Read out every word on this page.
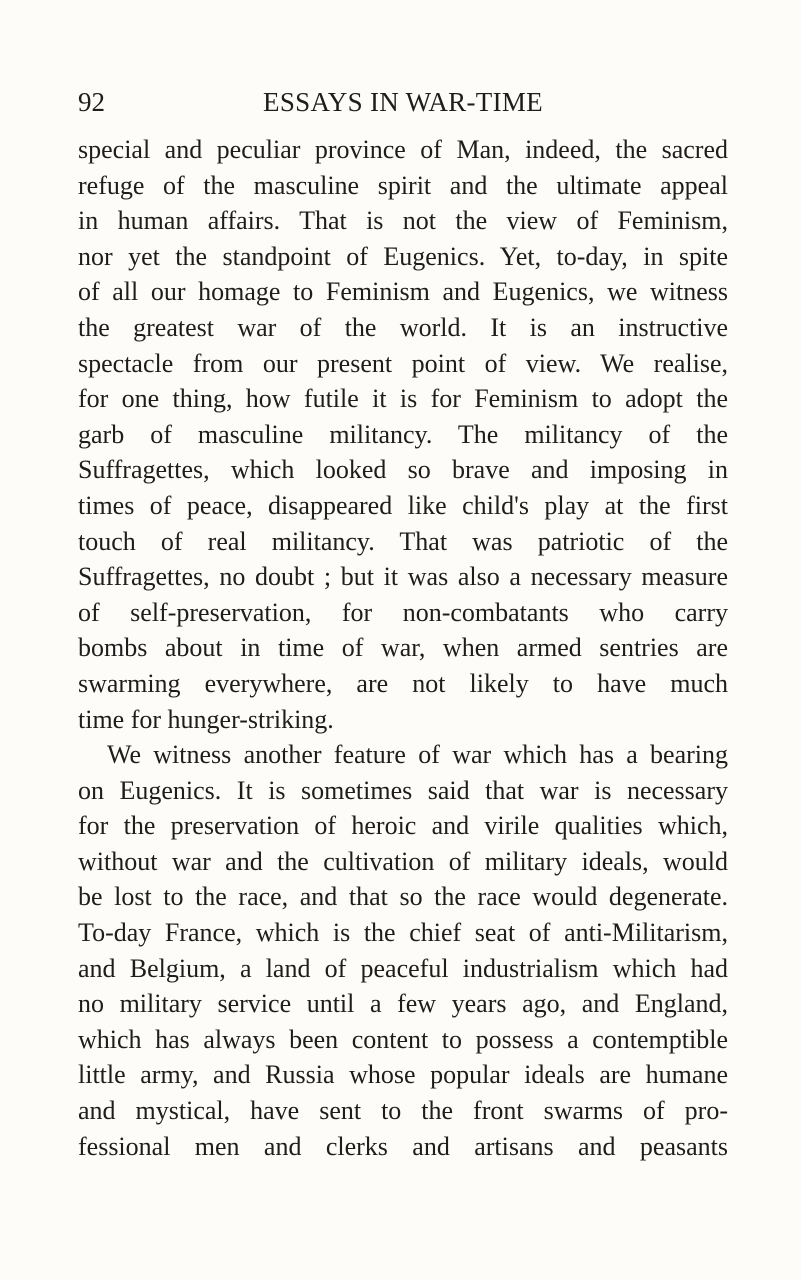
92	ESSAYS IN WAR-TIME
special and peculiar province of Man, indeed, the sacred
refuge of the masculine spirit and the ultimate appeal
in human affairs. That is not the view of Feminism,
nor yet the standpoint of Eugenics. Yet, to-day, in spite
of all our homage to Feminism and Eugenics, we witness
the greatest war of the world. It is an instructive
spectacle from our present point of view. We realise,
for one thing, how futile it is for Feminism to adopt the
garb of masculine militancy. The militancy of the
Suffragettes, which looked so brave and imposing in
times of peace, disappeared like child's play at the first
touch of real militancy. That was patriotic of the
Suffragettes, no doubt ; but it was also a necessary measure
of self-preservation, for non-combatants who carry
bombs about in time of war, when armed sentries are
swarming everywhere, are not likely to have much
time for hunger-striking.
We witness another feature of war which has a bearing
on Eugenics. It is sometimes said that war is necessary
for the preservation of heroic and virile qualities which,
without war and the cultivation of military ideals, would
be lost to the race, and that so the race would degenerate.
To-day France, which is the chief seat of anti-Militarism,
and Belgium, a land of peaceful industrialism which had
no military service until a few years ago, and England,
which has always been content to possess a contemptible
little army, and Russia whose popular ideals are humane
and mystical, have sent to the front swarms of pro-
fessional men and clerks and artisans and peasants
